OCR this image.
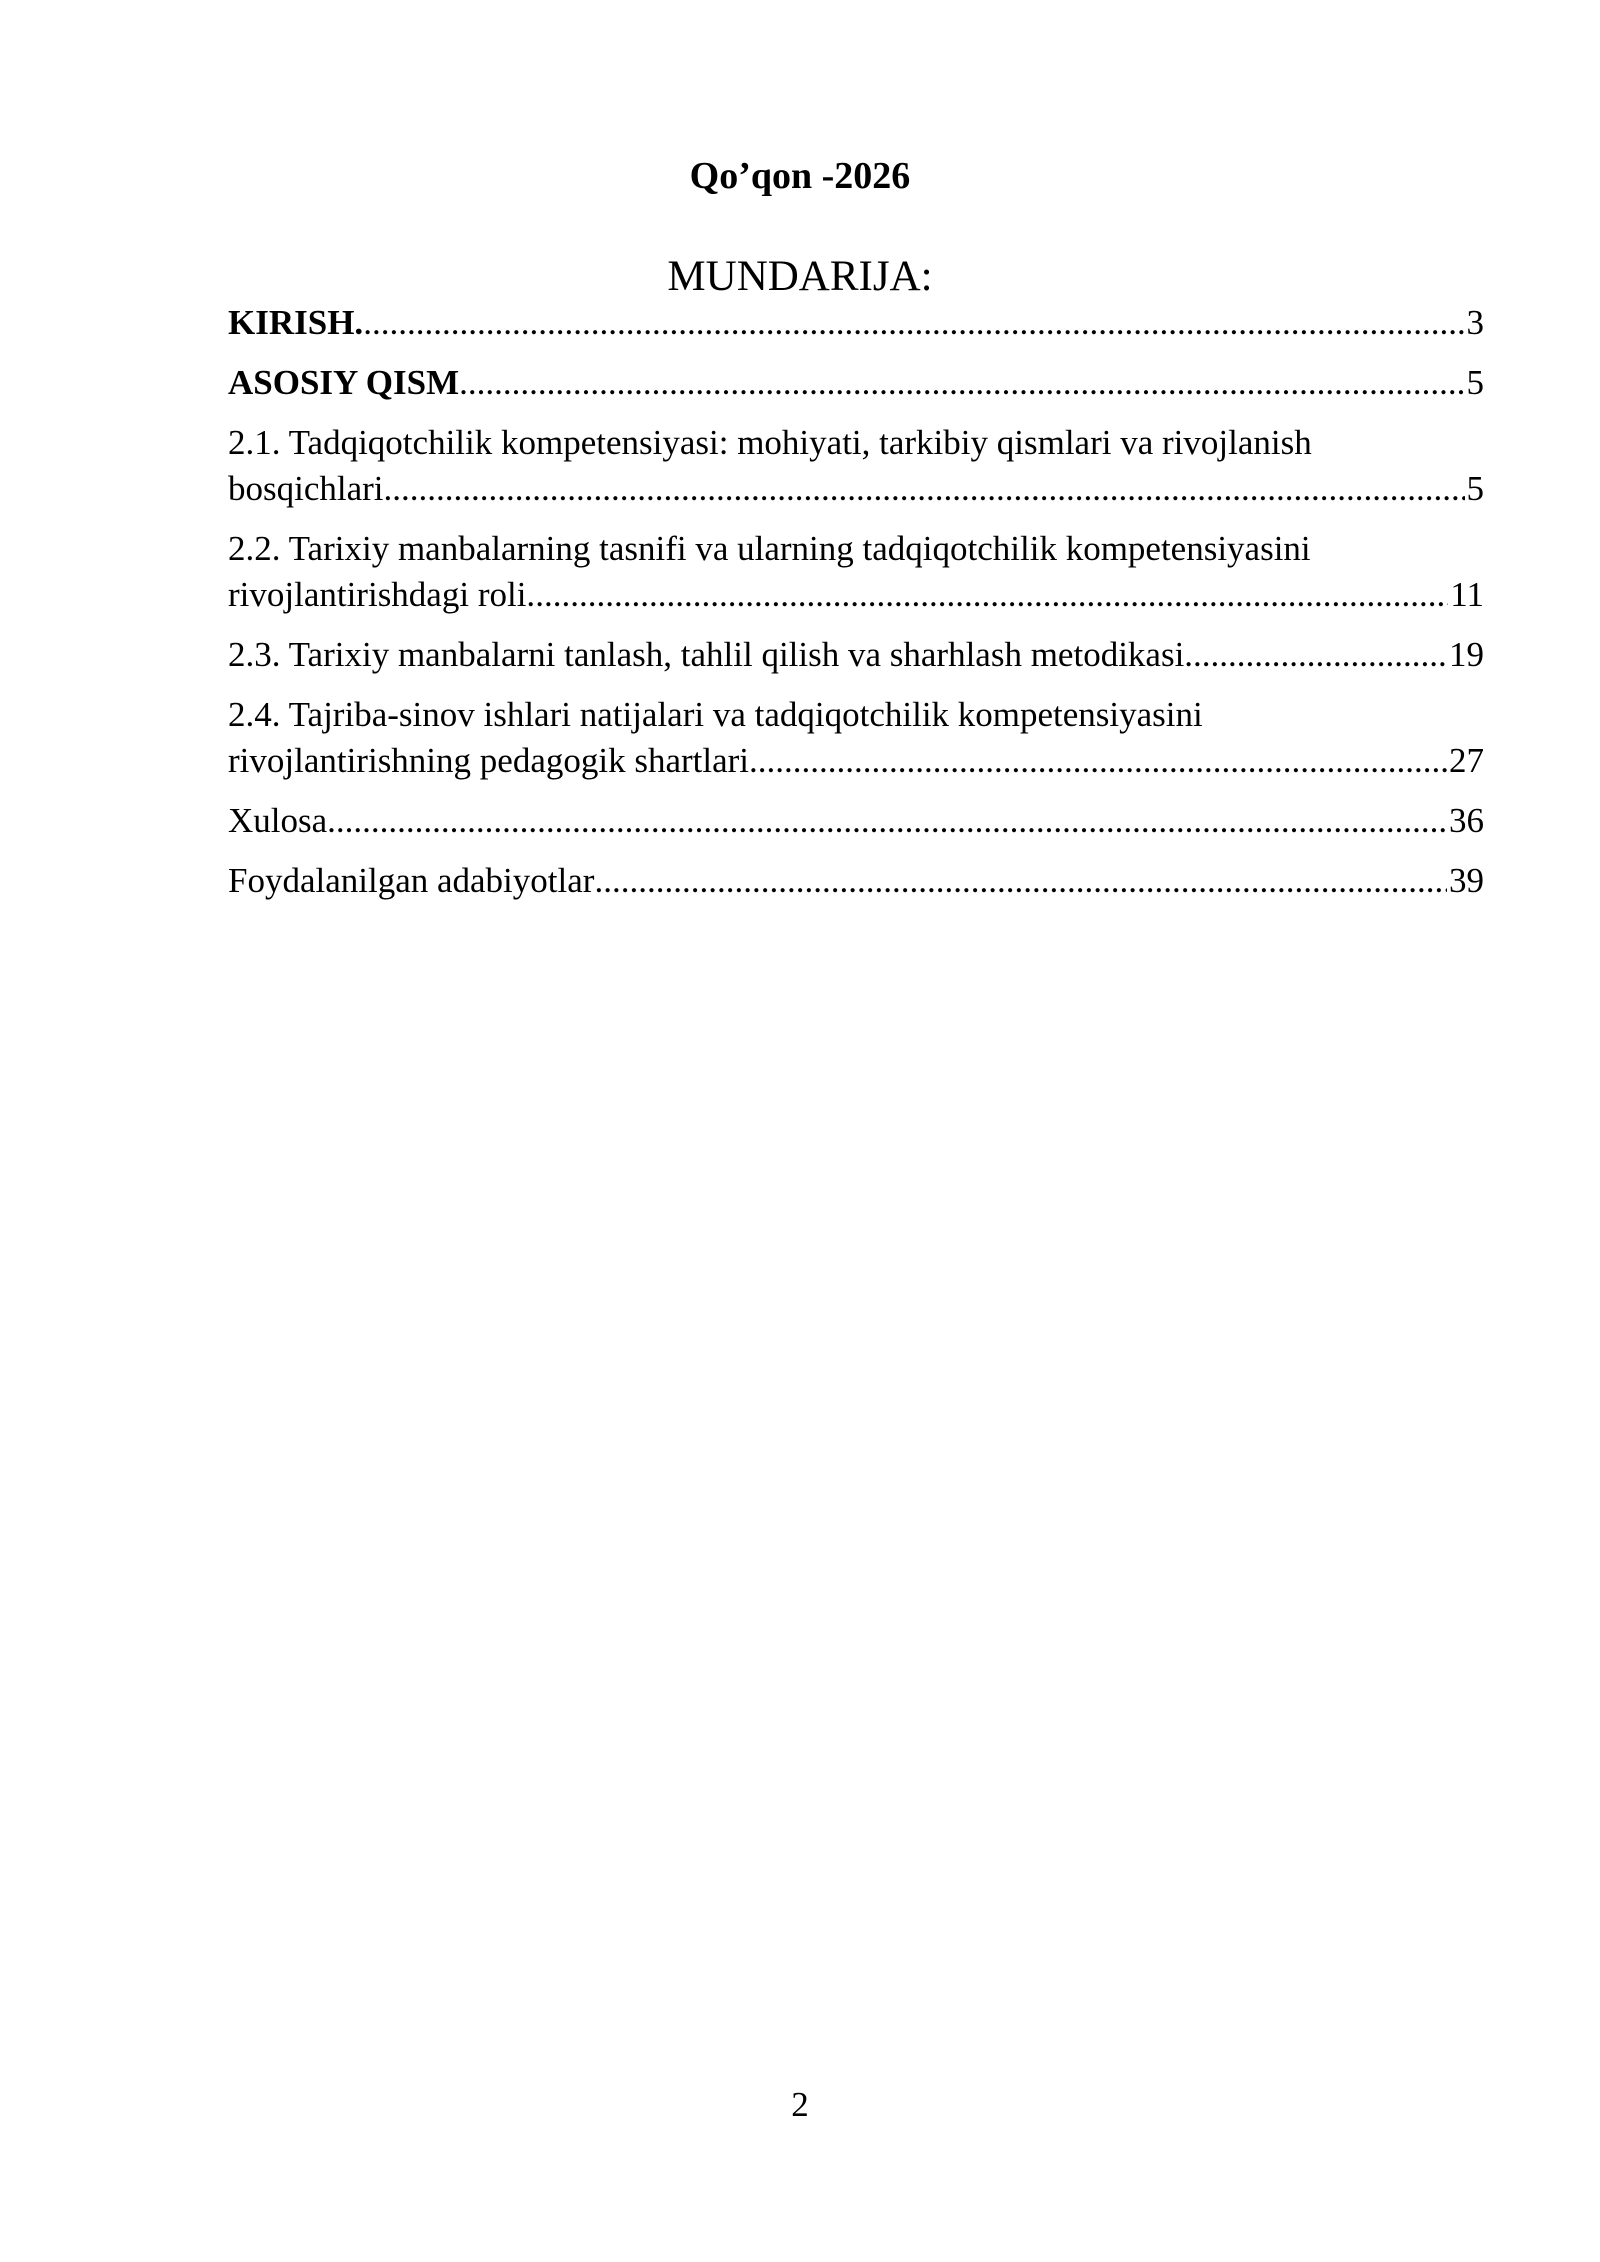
Qo’qon -2026
MUNDARIJA:
KIRISH. .....	3
ASOSIY QISM .....	5
2.1. Tadqiqotchilik kompetensiyasi: mohiyati, tarkibiy qismlari va rivojlanish
bosqichlari .....	5
2.2. Tarixiy manbalarning tasnifi va ularning tadqiqotchilik kompetensiyasini
rivojlantirishdagi roli. .....	11
2.3. Tarixiy manbalarni tanlash, tahlil qilish va sharhlash metodikasi .....	19
2.4. Tajriba-sinov ishlari natijalari va tadqiqotchilik kompetensiyasini
rivojlantirishning pedagogik shartlari. .....	27
Xulosa .....	36
Foydalanilgan adabiyotlar .....	39
2
